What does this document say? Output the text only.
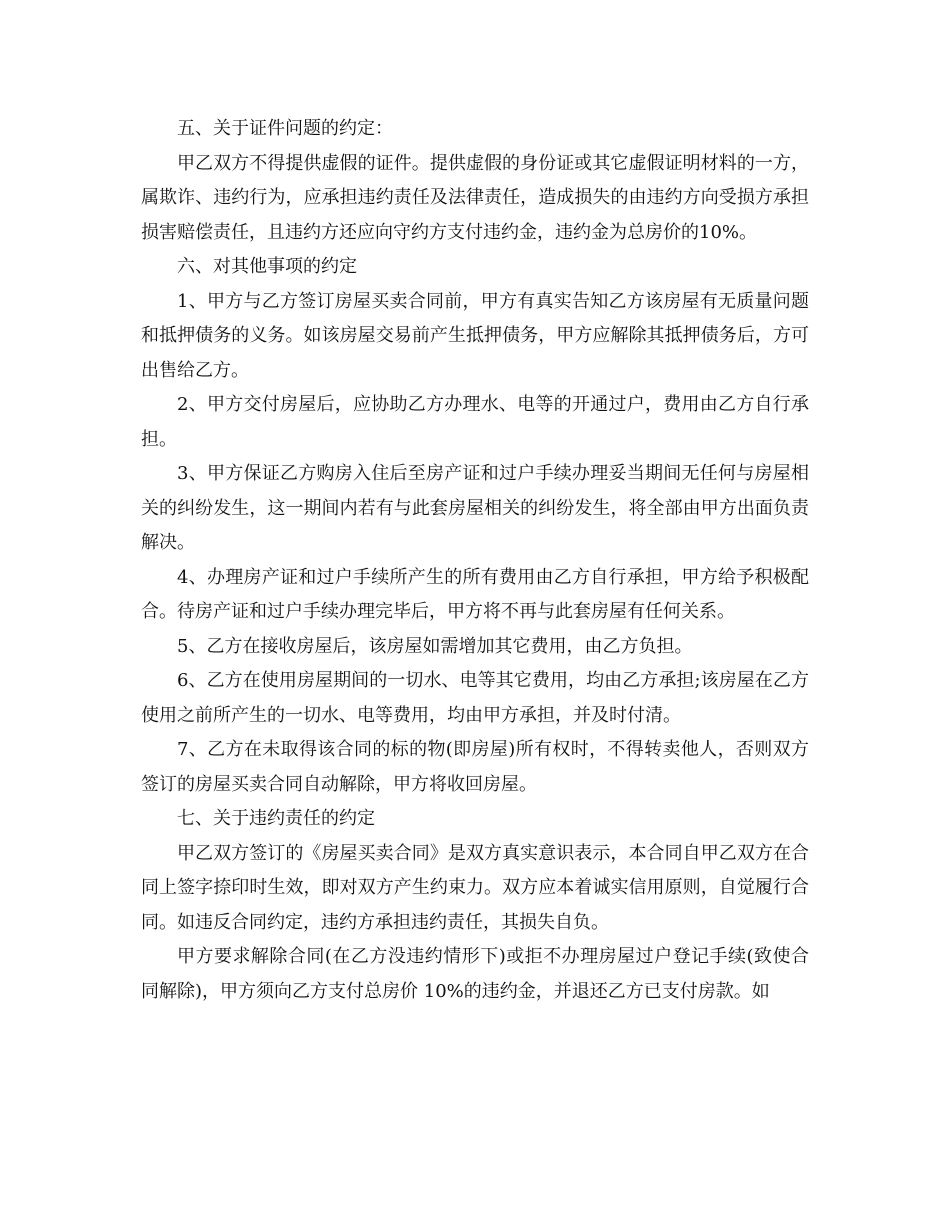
五、关于证件问题的约定：

甲乙双方不得提供虚假的证件。提供虚假的身份证或其它虚假证明材料的一方，属欺诈、违约行为，应承担违约责任及法律责任，造成损失的由违约方向受损方承担损害赔偿责任，且违约方还应向守约方支付违约金，违约金为总房价的10%。

六、对其他事项的约定

1、甲方与乙方签订房屋买卖合同前，甲方有真实告知乙方该房屋有无质量问题和抵押债务的义务。如该房屋交易前产生抵押债务，甲方应解除其抵押债务后，方可出售给乙方。

2、甲方交付房屋后，应协助乙方办理水、电等的开通过户，费用由乙方自行承担。

3、甲方保证乙方购房入住后至房产证和过户手续办理妥当期间无任何与房屋相关的纠纷发生，这一期间内若有与此套房屋相关的纠纷发生，将全部由甲方出面负责解决。

4、办理房产证和过户手续所产生的所有费用由乙方自行承担，甲方给予积极配合。待房产证和过户手续办理完毕后，甲方将不再与此套房屋有任何关系。

5、乙方在接收房屋后，该房屋如需增加其它费用，由乙方负担。

6、乙方在使用房屋期间的一切水、电等其它费用，均由乙方承担;该房屋在乙方使用之前所产生的一切水、电等费用，均由甲方承担，并及时付清。

7、乙方在未取得该合同的标的物(即房屋)所有权时，不得转卖他人，否则双方签订的房屋买卖合同自动解除，甲方将收回房屋。

七、关于违约责任的约定

甲乙双方签订的《房屋买卖合同》是双方真实意识表示，本合同自甲乙双方在合同上签字捺印时生效，即对双方产生约束力。双方应本着诚实信用原则，自觉履行合同。如违反合同约定，违约方承担违约责任，其损失自负。

甲方要求解除合同(在乙方没违约情形下)或拒不办理房屋过户登记手续(致使合同解除)，甲方须向乙方支付总房价 10%的违约金，并退还乙方已支付房款。如
